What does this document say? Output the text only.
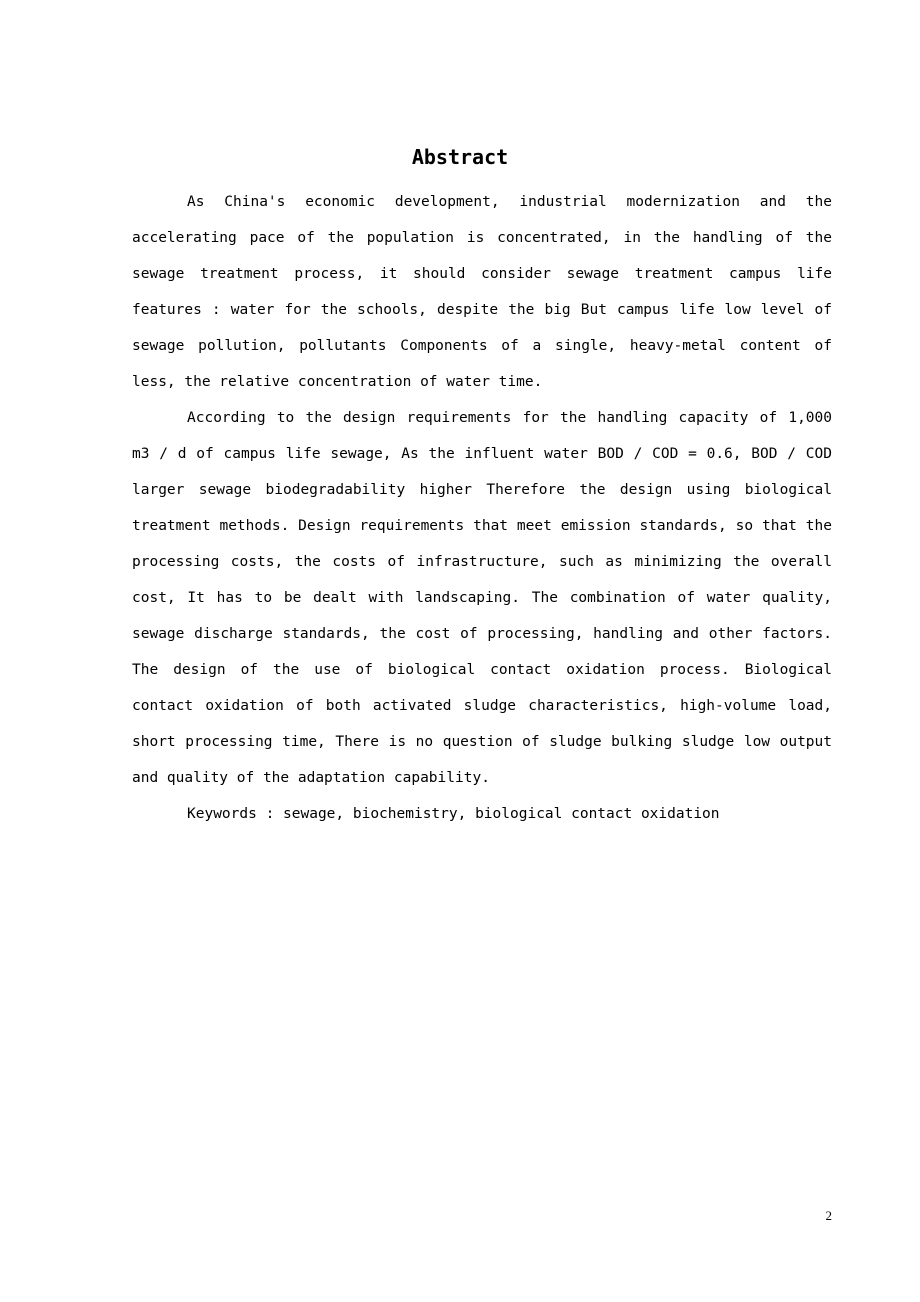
Abstract

As China's economic development, industrial modernization and the accelerating pace of the population is concentrated, in the handling of the sewage treatment process, it should consider sewage treatment campus life features : water for the schools, despite the big But campus life low level of sewage pollution, pollutants Components of a single, heavy-metal content of less, the relative concentration of water time.

According to the design requirements for the handling capacity of 1,000 m3 / d of campus life sewage, As the influent water BOD / COD = 0.6, BOD / COD larger sewage biodegradability higher Therefore the design using biological treatment methods. Design requirements that meet emission standards, so that the processing costs, the costs of infrastructure, such as minimizing the overall cost, It has to be dealt with landscaping. The combination of water quality, sewage discharge standards, the cost of processing, handling and other factors. The design of the use of biological contact oxidation process. Biological contact oxidation of both activated sludge characteristics, high-volume load, short processing time, There is no question of sludge bulking sludge low output and quality of the adaptation capability.

Keywords : sewage, biochemistry, biological contact oxidation

2
